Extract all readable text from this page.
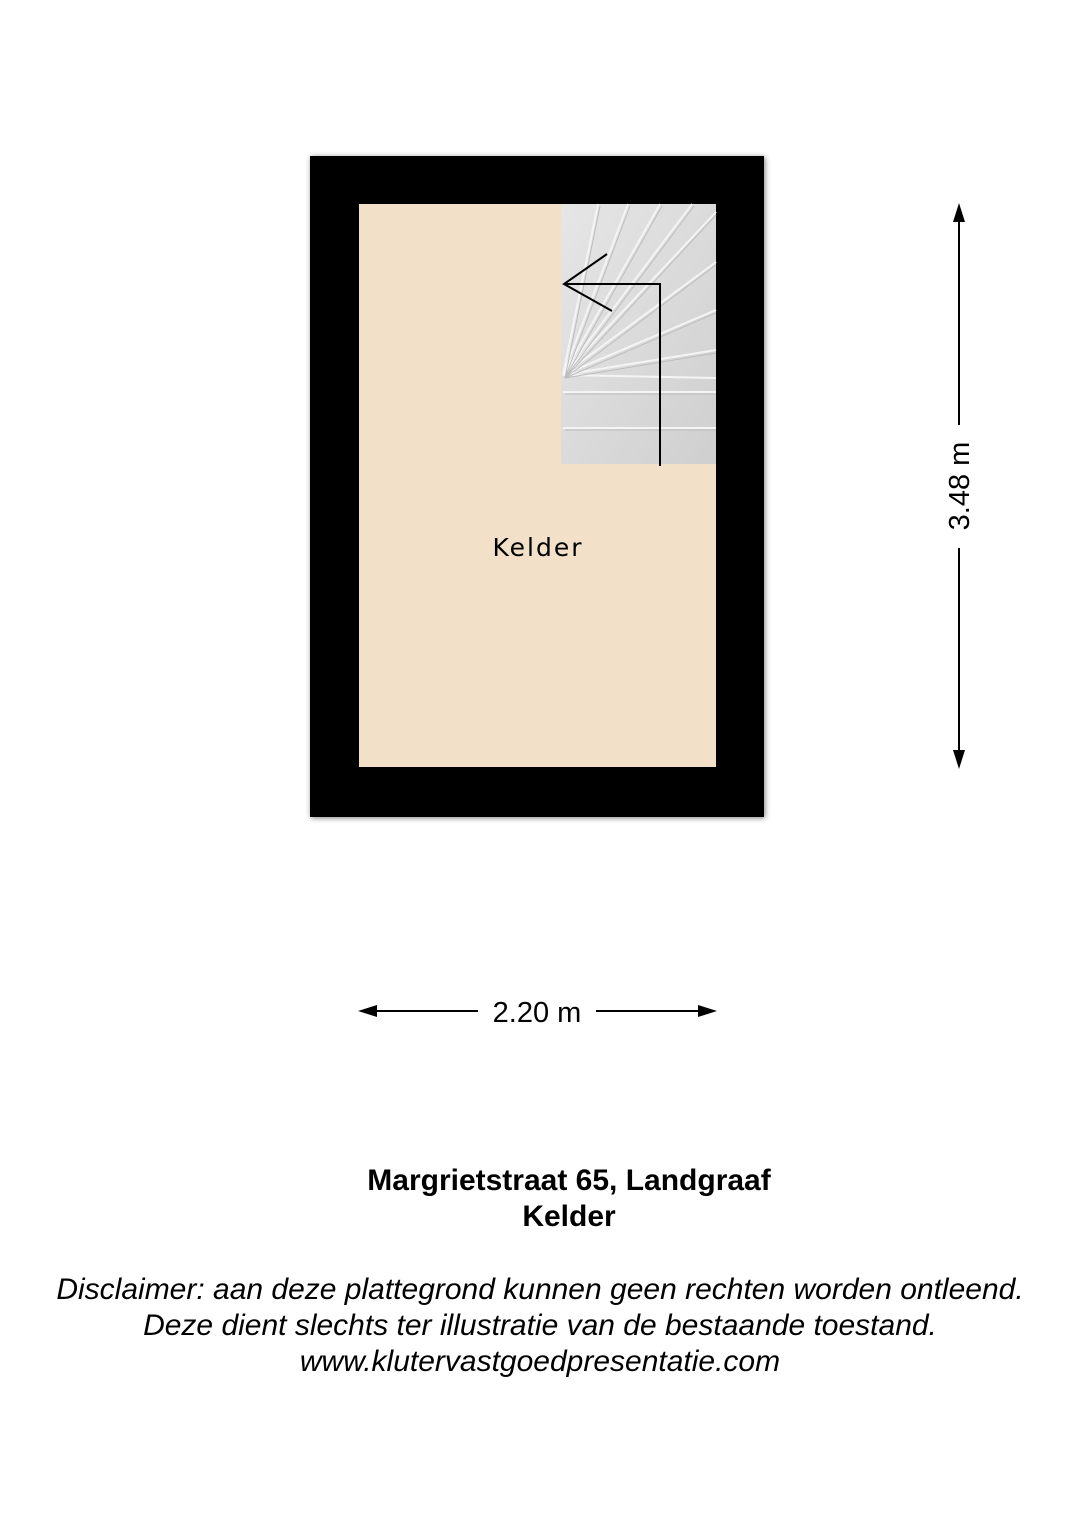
Kelder
3.48 m
2.20 m
Margrietstraat 65, Landgraaf
Kelder
Disclaimer: aan deze plattegrond kunnen geen rechten worden ontleend.
Deze dient slechts ter illustratie van de bestaande toestand.
www.klutervastgoedpresentatie.com
